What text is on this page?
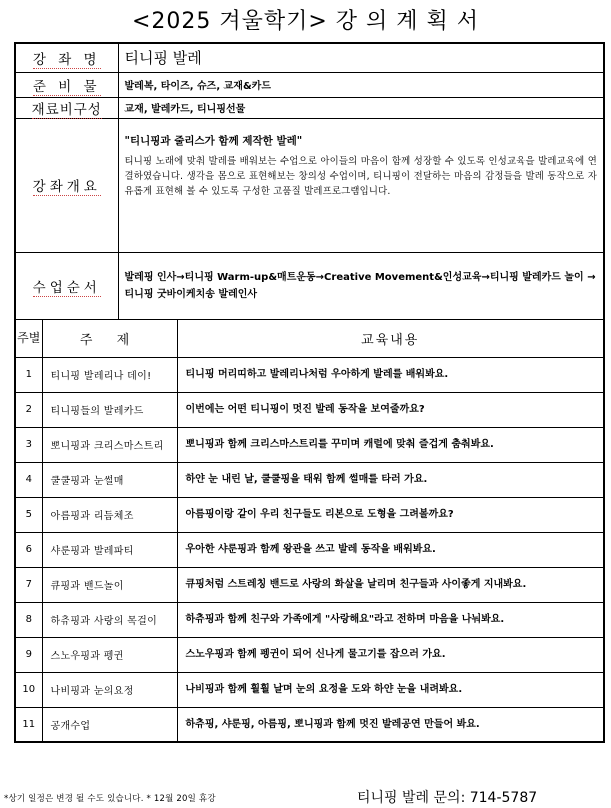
<2025 겨울학기> 강 의 계 획 서
강 좌 명		티니핑 발레	
준 비 물		발레복, 타이즈, 슈즈, 교재&카드	
재료비구성		교재, 발레카드, 티니핑선물	
강좌개요		"티니핑과 줄리스가 함께 제작한 발레"
티니핑 노래에 맞춰 발레를 배워보는 수업으로 아이들의 마음이 함께 성장할 수 있도록 인성교육을 발레교육에 연결하였습니다. 생각을 몸으로 표현해보는 창의성 수업이며, 티니핑이 전달하는 마음의 감정들을 발레 동작으로 자유롭게 표현해 볼 수 있도록 구성한 고품질 발레프로그램입니다.	

수업순서		발레핑 인사→티니핑 Warm-up&매트운동→Creative Movement&인성교육→티니핑 발레카드 놀이 →티니핑 굿바이케치송 발레인사	
주별	주 제		교육내용
1	티니핑 발레리나 데이!		티니핑 머리띠하고 발레리나처럼 우아하게 발레를 배워봐요.
2	티니핑들의 발레카드		이번에는 어떤 티니핑이 멋진 발레 동작을 보여줄까요?
3	뽀니핑과 크리스마스트리		뽀니핑과 함께 크리스마스트리를 꾸미며 캐럴에 맞춰 즐겁게 춤춰봐요.
4	쿨쿨핑과 눈썰매		하얀 눈 내린 날, 쿨쿨핑을 태워 함께 썰매를 타러 가요.
5	아름핑과 리듬체조		아름핑이랑 같이 우리 친구들도 리본으로 도형을 그려볼까요?
6	샤룬핑과 발레파티		우아한 샤룬핑과 함께 왕관을 쓰고 발레 동작을 배워봐요.
7	큐핑과 밴드놀이		큐핑처럼 스트레칭 밴드로 사랑의 화살을 날리며 친구들과 사이좋게 지내봐요.
8	하츄핑과 사랑의 목걸이		하츄핑과 함께 친구와 가족에게 "사랑해요"라고 전하며 마음을 나눠봐요.
9	스노우핑과 펭귄		스노우핑과 함께 펭귄이 되어 신나게 물고기를 잡으러 가요.
10	나비핑과 눈의요정		나비핑과 함께 훨훨 날며 눈의 요정을 도와 하얀 눈을 내려봐요.
11	공개수업		하츄핑, 샤룬핑, 아름핑, 뽀니핑과 함께 멋진 발레공연 만들어 봐요.
*상기 일정은 변경 될 수도 있습니다. * 12월 20일 휴강	티니핑 발레 문의: 714-5787
